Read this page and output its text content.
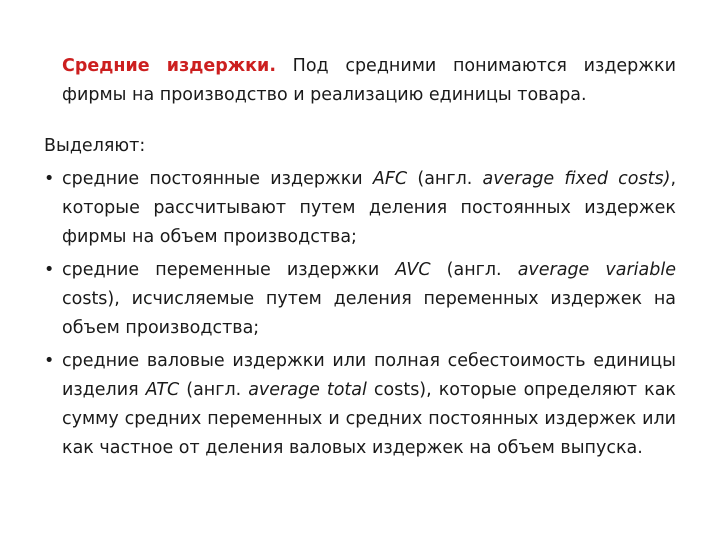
Средние издержки. Под средними понимаются издержки фирмы на производство и реализацию единицы товара.

Выделяют:

• средние постоянные издержки AFC (англ. average fixed costs), которые рассчитывают путем деления постоянных издержек фирмы на объем производства;
• средние переменные издержки AVC (англ. average variable costs), исчисляемые путем деления переменных издержек на объем производства;
• средние валовые издержки или полная себестоимость единицы изделия ATC (англ. average total costs), которые определяют как сумму средних переменных и средних постоянных издержек или как частное от деления валовых издержек на объем выпуска.
